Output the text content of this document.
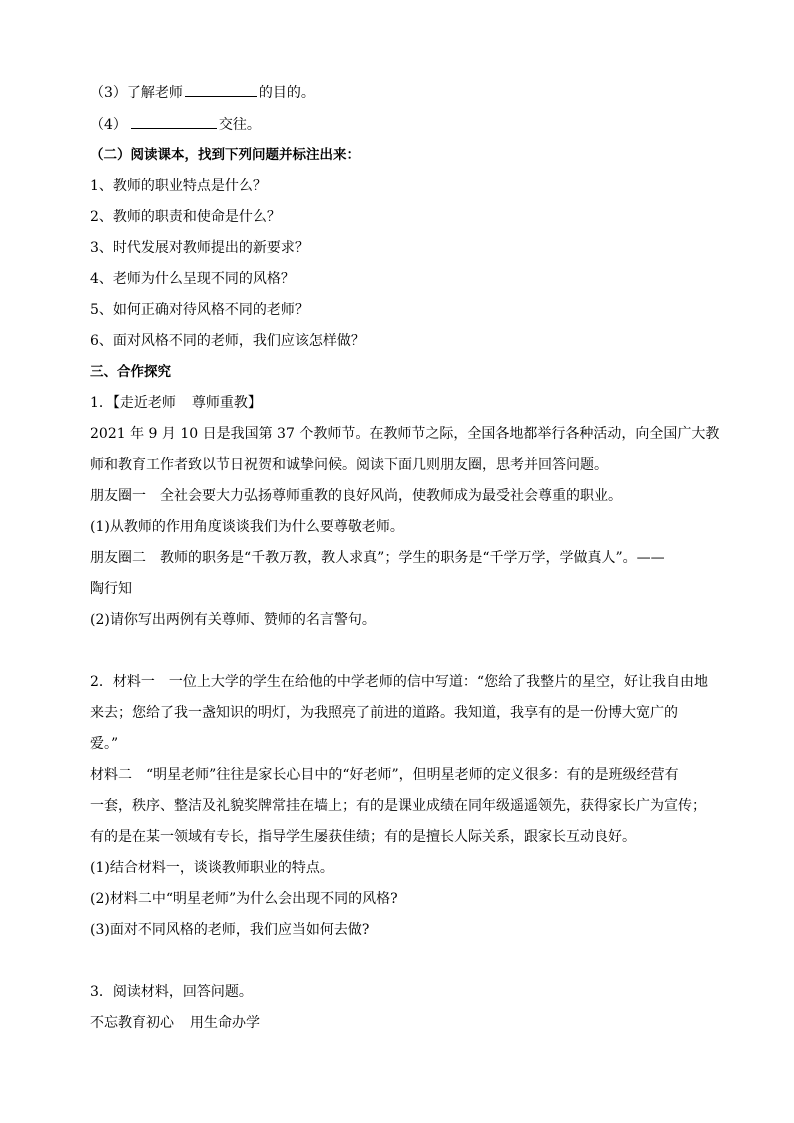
（3）了解老师	的目的。
（4）	交往。
（二）阅读课本，找到下列问题并标注出来：
1、教师的职业特点是什么？
2、教师的职责和使命是什么？
3、时代发展对教师提出的新要求？
4、老师为什么呈现不同的风格？
5、如何正确对待风格不同的老师？
6、面对风格不同的老师，我们应该怎样做？
三、合作探究
1．【走近老师 尊师重教】
2021 年 9 月 10 日是我国第 37 个教师节。在教师节之际，全国各地都举行各种活动，向全国广大教
师和教育工作者致以节日祝贺和诚挚问候。阅读下面几则朋友圈，思考并回答问题。
朋友圈一　全社会要大力弘扬尊师重教的良好风尚，使教师成为最受社会尊重的职业。
(1)从教师的作用角度谈谈我们为什么要尊敬老师。
朋友圈二　教师的职务是“千教万教，教人求真”；学生的职务是“千学万学，学做真人”。——
陶行知
(2)请你写出两例有关尊师、赞师的名言警句。
2．材料一　一位上大学的学生在给他的中学老师的信中写道：“您给了我整片的星空，好让我自由地
来去；您给了我一盏知识的明灯，为我照亮了前进的道路。我知道，我享有的是一份博大宽广的
爱。”
材料二　“明星老师”往往是家长心目中的“好老师”，但明星老师的定义很多：有的是班级经营有
一套，秩序、整洁及礼貌奖牌常挂在墙上；有的是课业成绩在同年级遥遥领先，获得家长广为宣传；
有的是在某一领域有专长，指导学生屡获佳绩；有的是擅长人际关系，跟家长互动良好。
(1)结合材料一，谈谈教师职业的特点。
(2)材料二中“明星老师”为什么会出现不同的风格?
(3)面对不同风格的老师，我们应当如何去做?
3．阅读材料，回答问题。
不忘教育初心 用生命办学
